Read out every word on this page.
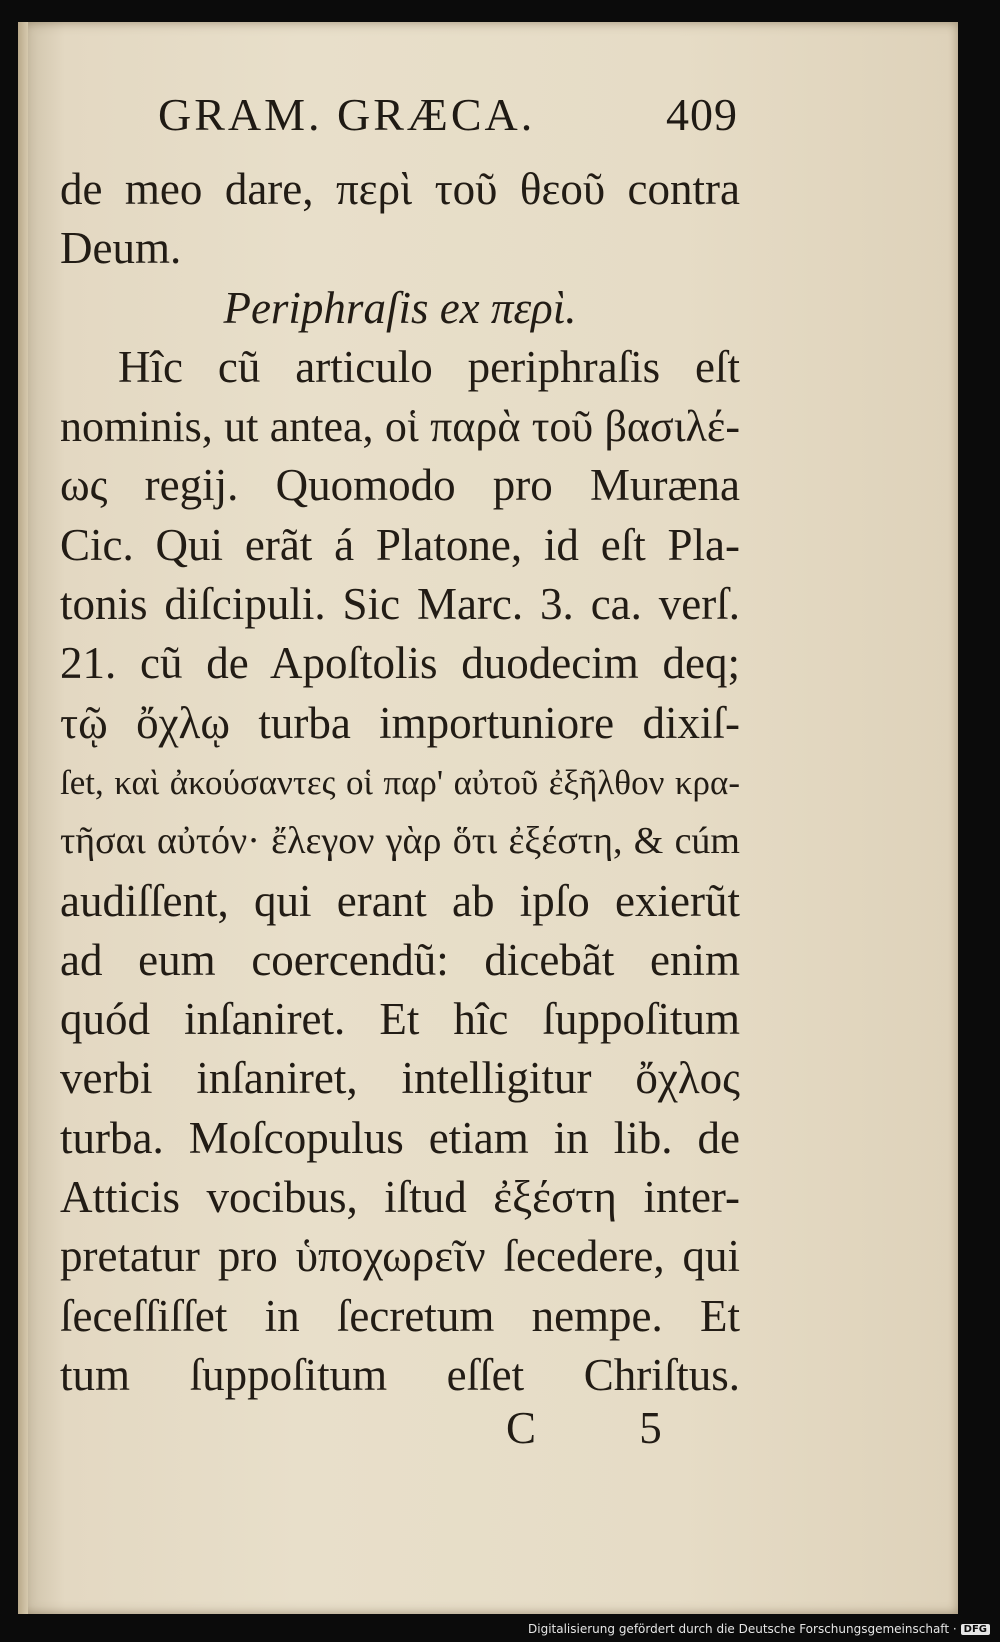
GRAM. GRÆCA.	409
de meo dare, περὶ τοῦ θεοῦ contra
Deum.
Periphraſis ex περὶ.
Hîc cũ articulo periphraſis eſt
nominis, ut antea, οἱ παρὰ τοῦ βασιλέ-
ως regij. Quomodo pro Muræna
Cic. Qui erãt á Platone, id eſt Pla-
tonis diſcipuli. Sic Marc. 3. ca. verſ.
21. cũ de Apoſtolis duodecim deq;
τῷ ὄχλῳ turba importuniore dixiſ-
ſet, καὶ ἀκούσαντες οἱ παρ' αὐτοῦ ἐξῆλθον κρα-
τῆσαι αὐτόν· ἔλεγον γὰρ ὅτι ἐξέστη, & cúm
audiſſent, qui erant ab ipſo exierũt
ad eum coercendũ: dicebãt enim
quód inſaniret. Et hîc ſuppoſitum
verbi inſaniret, intelligitur ὄχλος
turba. Moſcopulus etiam in lib. de
Atticis vocibus, iſtud ἐξέστη inter-
pretatur pro ὑποχωρεῖν ſecedere, qui
ſeceſſiſſet in ſecretum nempe. Et
tum ſuppoſitum eſſet Chriſtus.
C 5
Digitalisierung gefördert durch die Deutsche Forschungsgemeinschaft · DFG
